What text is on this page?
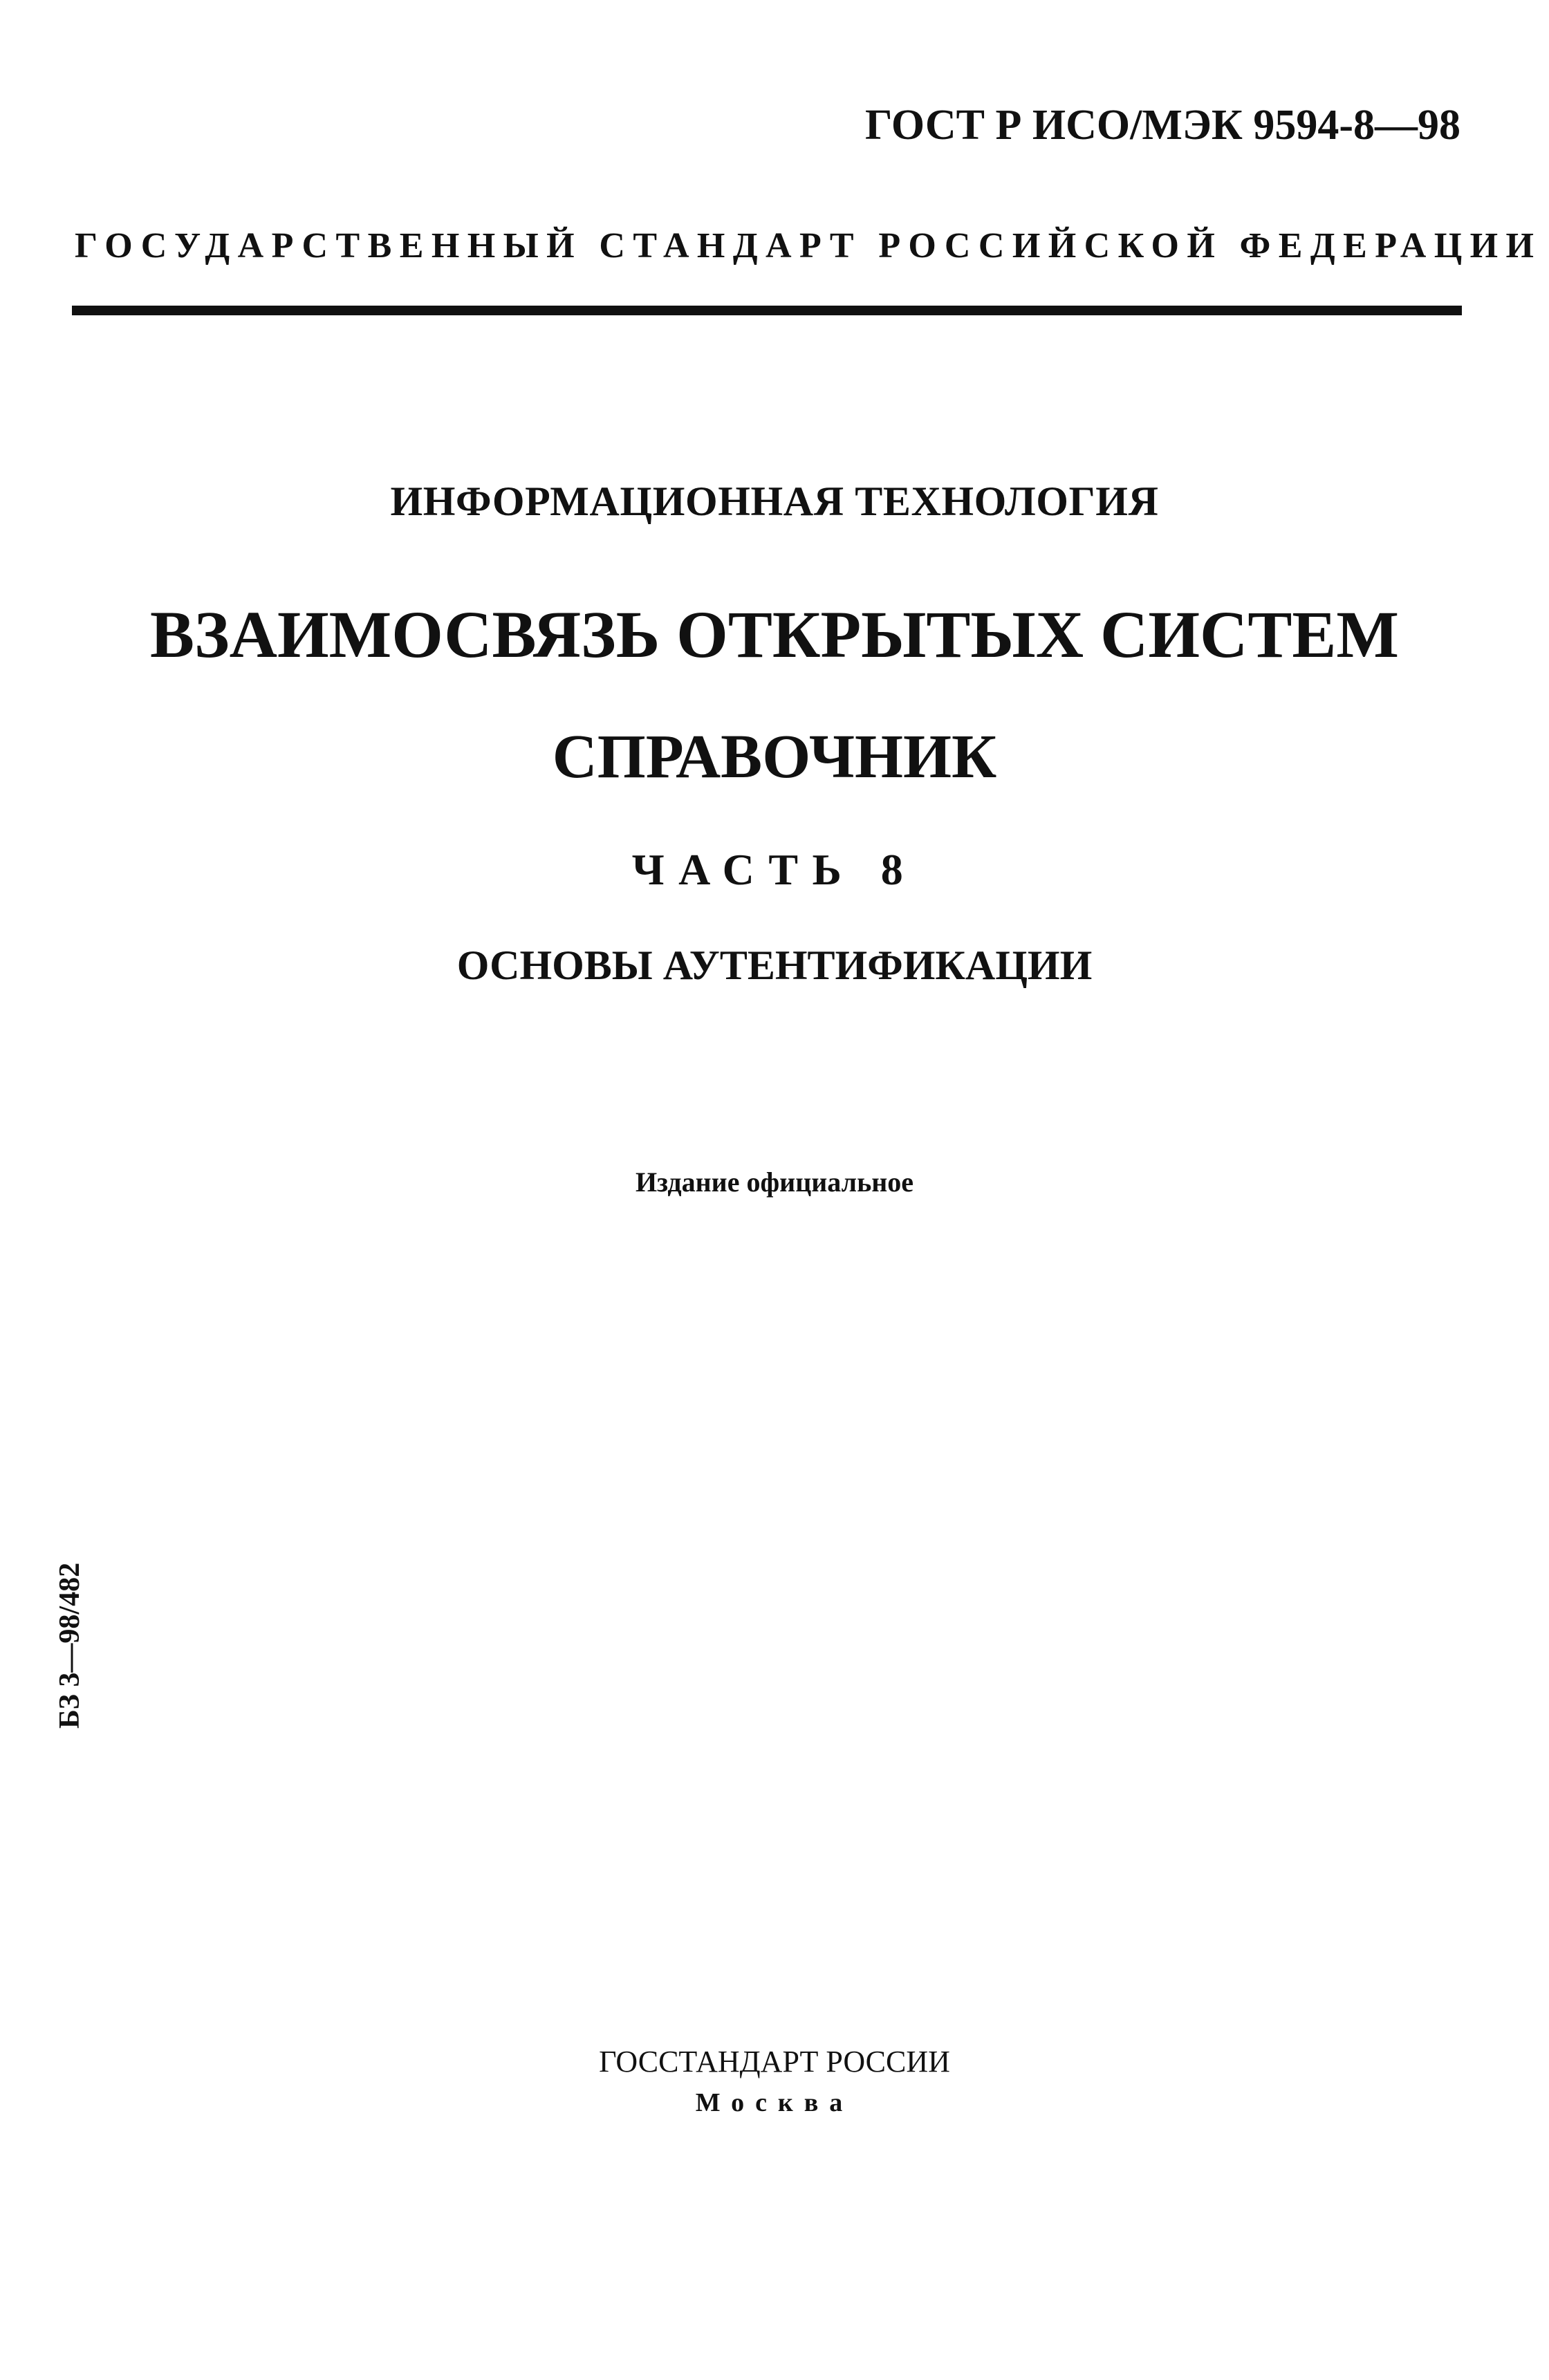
ГОСТ Р ИСО/МЭК 9594-8—98
ГОСУДАРСТВЕННЫЙ СТАНДАРТ РОССИЙСКОЙ ФЕДЕРАЦИИ
ИНФОРМАЦИОННАЯ ТЕХНОЛОГИЯ
ВЗАИМОСВЯЗЬ ОТКРЫТЫХ СИСТЕМ
СПРАВОЧНИК
ЧАСТЬ 8
ОСНОВЫ АУТЕНТИФИКАЦИИ
Издание официальное
БЗ 3—98/482
ГОССТАНДАРТ РОССИИ
Москва
